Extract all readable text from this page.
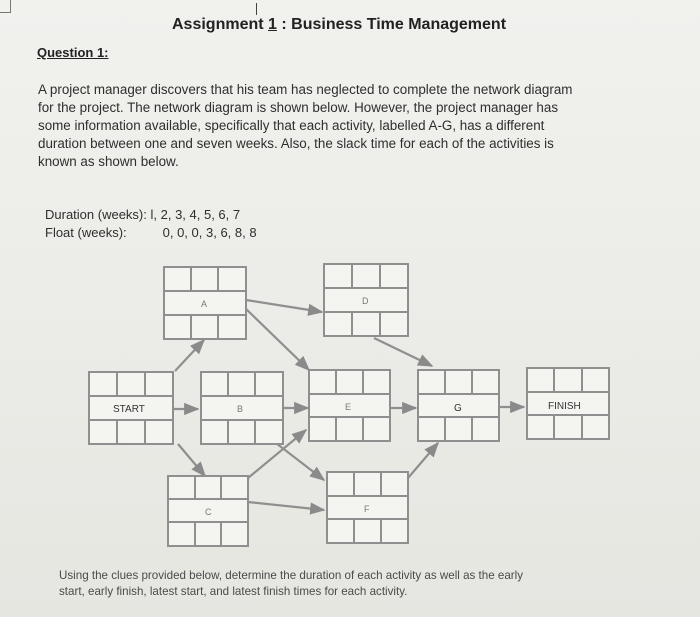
Assignment 1 : Business Time Management
Question 1:
A project manager discovers that his team has neglected to complete the network diagram
for the project. The network diagram is shown below. However, the project manager has
some information available, specifically that each activity, labelled A-G, has a different
duration between one and seven weeks. Also, the slack time for each of the activities is
known as shown below.
Duration (weeks): l, 2, 3, 4, 5, 6, 7
Float (weeks):	0, 0, 0, 3, 6, 8, 8
START
A
B
C
D
E
F
G	FINISH
Using the clues provided below, determine the duration of each activity as well as the early
start, early finish, latest start, and latest finish times for each activity.
